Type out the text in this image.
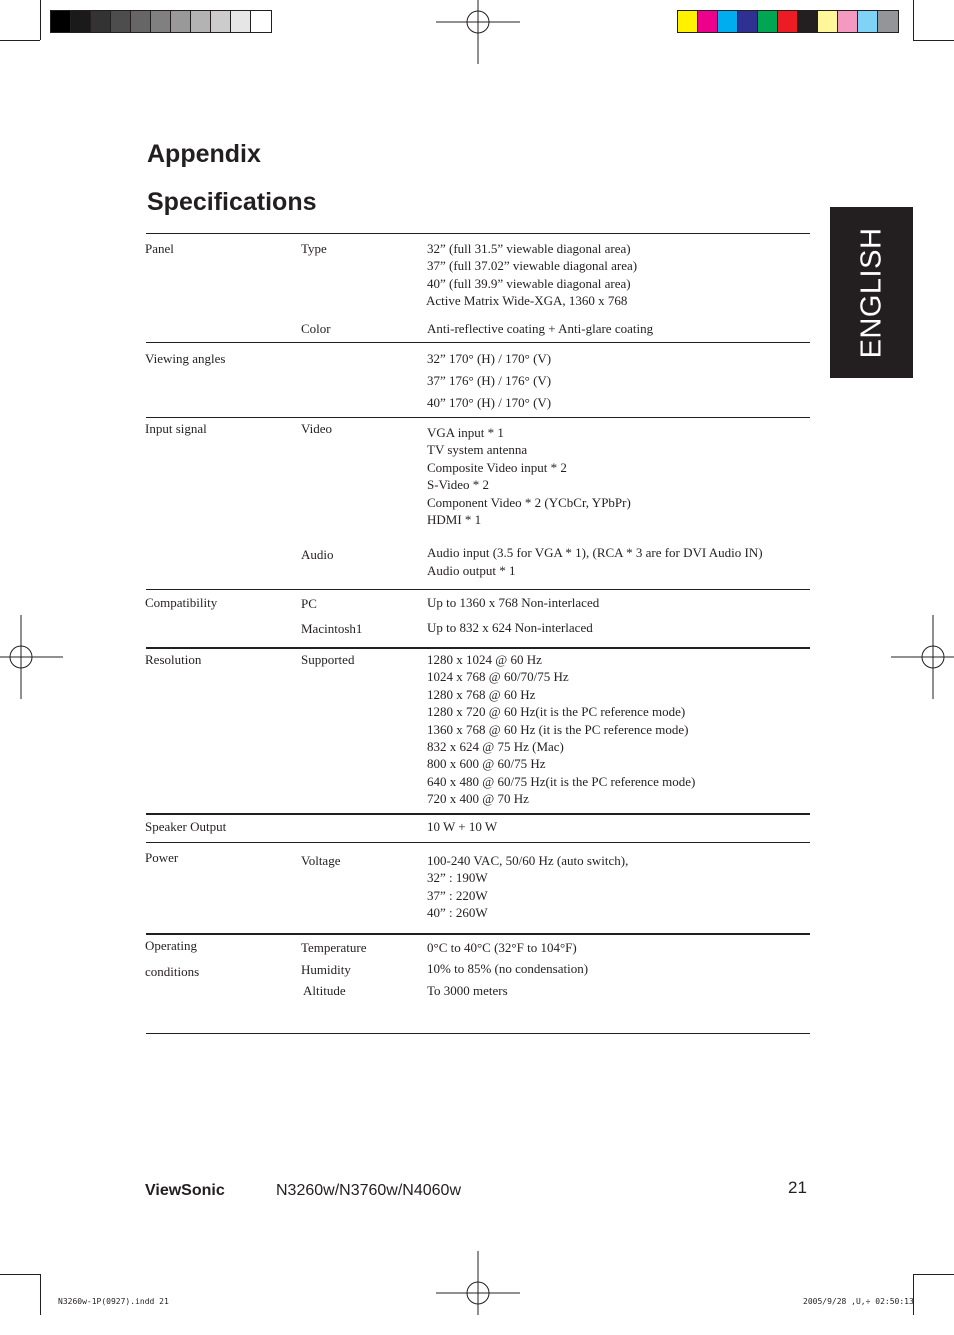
Appendix
Specifications
ENGLISH
Panel	Type	32” (full 31.5” viewable diagonal area)
37” (full 37.02” viewable diagonal area)
40” (full 39.9” viewable diagonal area)
Active Matrix Wide-XGA, 1360 x 768
Color	Anti-reflective coating + Anti-glare coating
Viewing angles	32” 170° (H) / 170° (V)
37” 176° (H) / 176° (V)
40” 170° (H) / 170° (V)
Input signal	Video	VGA input * 1
TV system antenna
Composite Video input * 2
S-Video * 2
Component Video * 2 (YCbCr, YPbPr)
HDMI * 1
Audio	Audio input (3.5 for VGA * 1), (RCA * 3 are for DVI Audio IN)
Audio output * 1
Compatibility	PC	Up to 1360 x 768 Non-interlaced
Macintosh1	Up to 832 x 624 Non-interlaced
Resolution	Supported	1280 x 1024 @ 60 Hz
1024 x 768 @ 60/70/75 Hz
1280 x 768 @ 60 Hz
1280 x 720 @ 60 Hz(it is the PC reference mode)
1360 x 768 @ 60 Hz (it is the PC reference mode)
832 x 624 @ 75 Hz (Mac)
800 x 600 @ 60/75 Hz
640 x 480 @ 60/75 Hz(it is the PC reference mode)
720 x 400 @ 70 Hz
Speaker Output	10 W + 10 W
Power	Voltage	100-240 VAC, 50/60 Hz (auto switch),
32” : 190W
37” : 220W
40” : 260W
Operating
conditions
Temperature	0°C to 40°C (32°F to 104°F)
Humidity	10% to 85% (no condensation)
Altitude	To 3000 meters
ViewSonic	N3260w/N3760w/N4060w	21
N3260w-1P(0927).indd 21	2005/9/28 ,U,÷ 02:50:13
